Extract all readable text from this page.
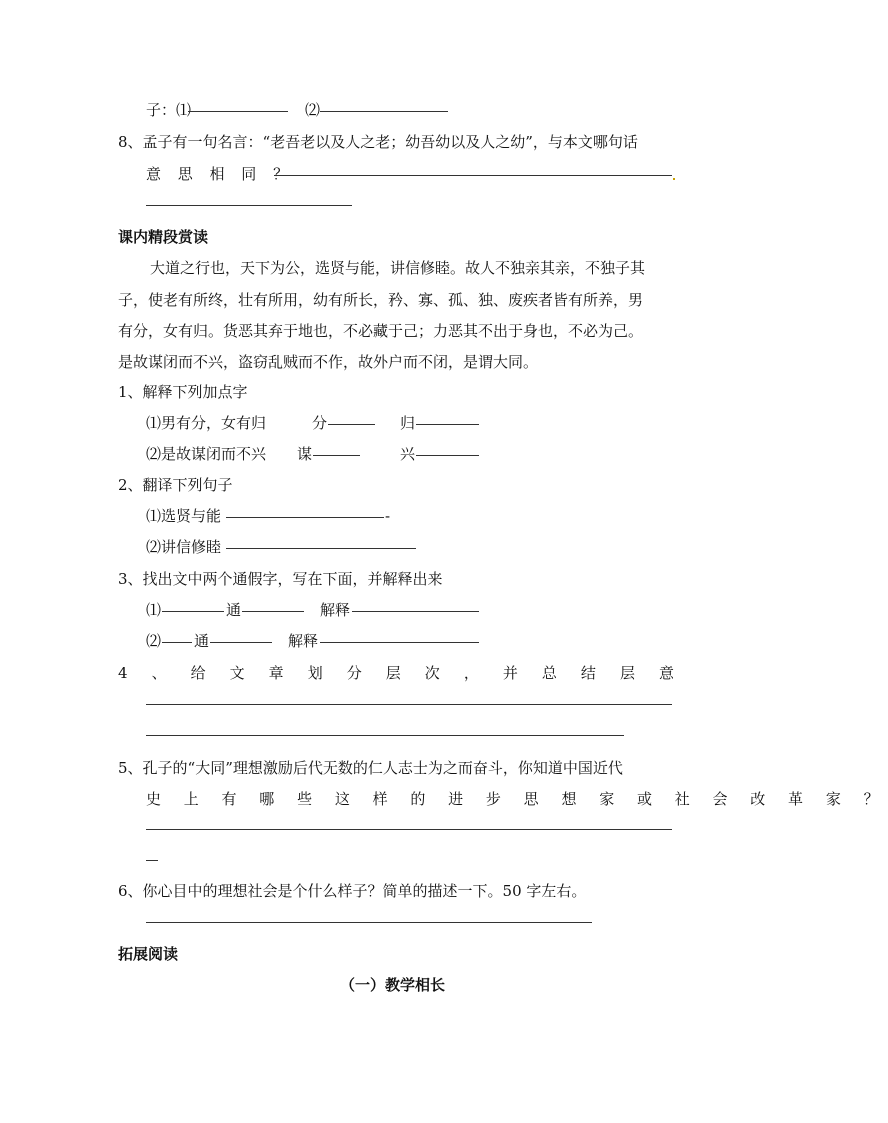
子：⑴	⑵
8、孟子有一句名言：“老吾老以及人之老；幼吾幼以及人之幼”，与本文哪句话
意 思 相 同 ？
课内精段赏读
大道之行也，天下为公，选贤与能，讲信修睦。故人不独亲其亲，不独子其
子，使老有所终，壮有所用，幼有所长，矜、寡、孤、独、废疾者皆有所养，男
有分，女有归。货恶其弃于地也，不必藏于己；力恶其不出于身也，不必为己。
是故谋闭而不兴，盗窃乱贼而不作，故外户而不闭，是谓大同。
1、解释下列加点字
⑴男有分，女有归	分	归
⑵是故谋闭而不兴 谋	兴
2、翻译下列句子
⑴选贤与能	-
⑵讲信修睦
3、找出文中两个通假字，写在下面，并解释出来
⑴	通	解释
⑵ 通	解释
4 、 给 文 章 划 分 层 次 ， 并 总 结 层 意
5、孔子的“大同”理想激励后代无数的仁人志士为之而奋斗，你知道中国近代
史 上 有 哪 些 这 样 的 进 步 思 想 家 或 社 会 改 革 家 ？
6、你心目中的理想社会是个什么样子？简单的描述一下。50 字左右。
拓展阅读
（一）教学相长
